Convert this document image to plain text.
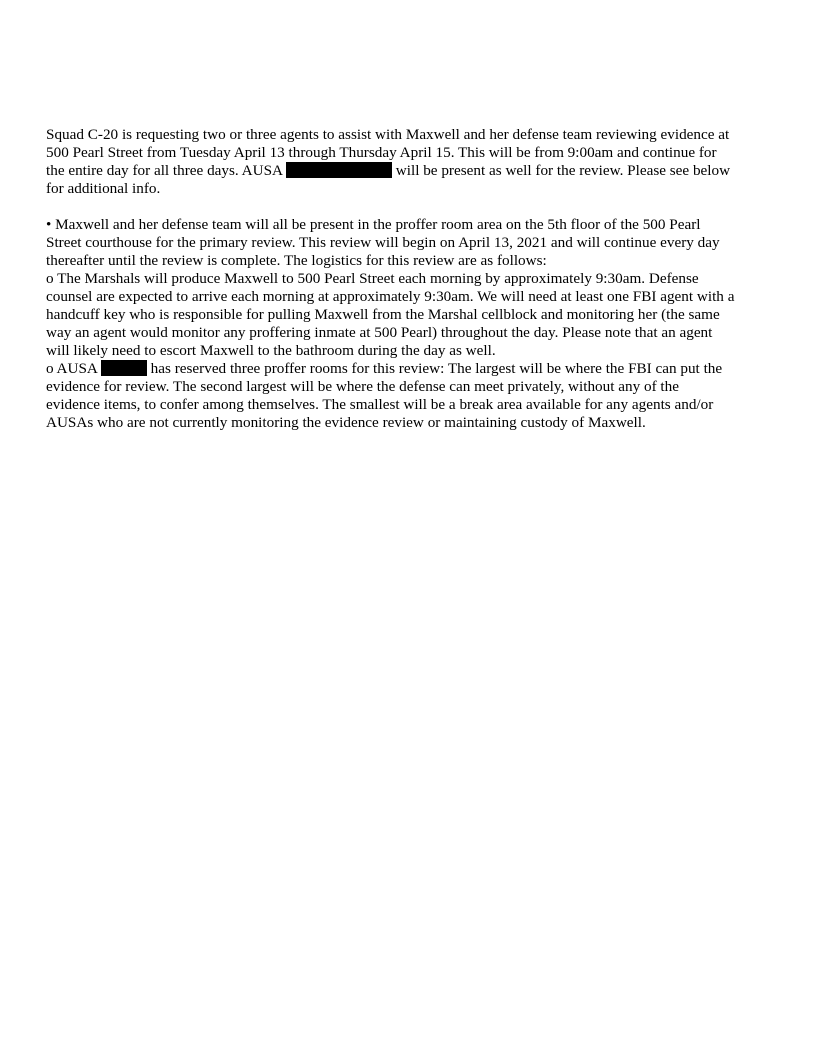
Squad C-20 is requesting two or three agents to assist with Maxwell and her defense team reviewing evidence at

500 Pearl Street from Tuesday April 13 through Thursday April 15. This will be from 9:00am and continue for

the entire day for all three days. AUSA	will be present as well for the review. Please see below

for additional info.

• Maxwell and her defense team will all be present in the proffer room area on the 5th floor of the 500 Pearl

Street courthouse for the primary review. This review will begin on April 13, 2021 and will continue every day

thereafter until the review is complete. The logistics for this review are as follows:

o The Marshals will produce Maxwell to 500 Pearl Street each morning by approximately 9:30am. Defense

counsel are expected to arrive each morning at approximately 9:30am. We will need at least one FBI agent with a

handcuff key who is responsible for pulling Maxwell from the Marshal cellblock and monitoring her (the same

way an agent would monitor any proffering inmate at 500 Pearl) throughout the day. Please note that an agent

will likely need to escort Maxwell to the bathroom during the day as well.

o AUSA	has reserved three proffer rooms for this review: The largest will be where the FBI can put the

evidence for review. The second largest will be where the defense can meet privately, without any of the

evidence items, to confer among themselves. The smallest will be a break area available for any agents and/or

AUSAs who are not currently monitoring the evidence review or maintaining custody of Maxwell.
